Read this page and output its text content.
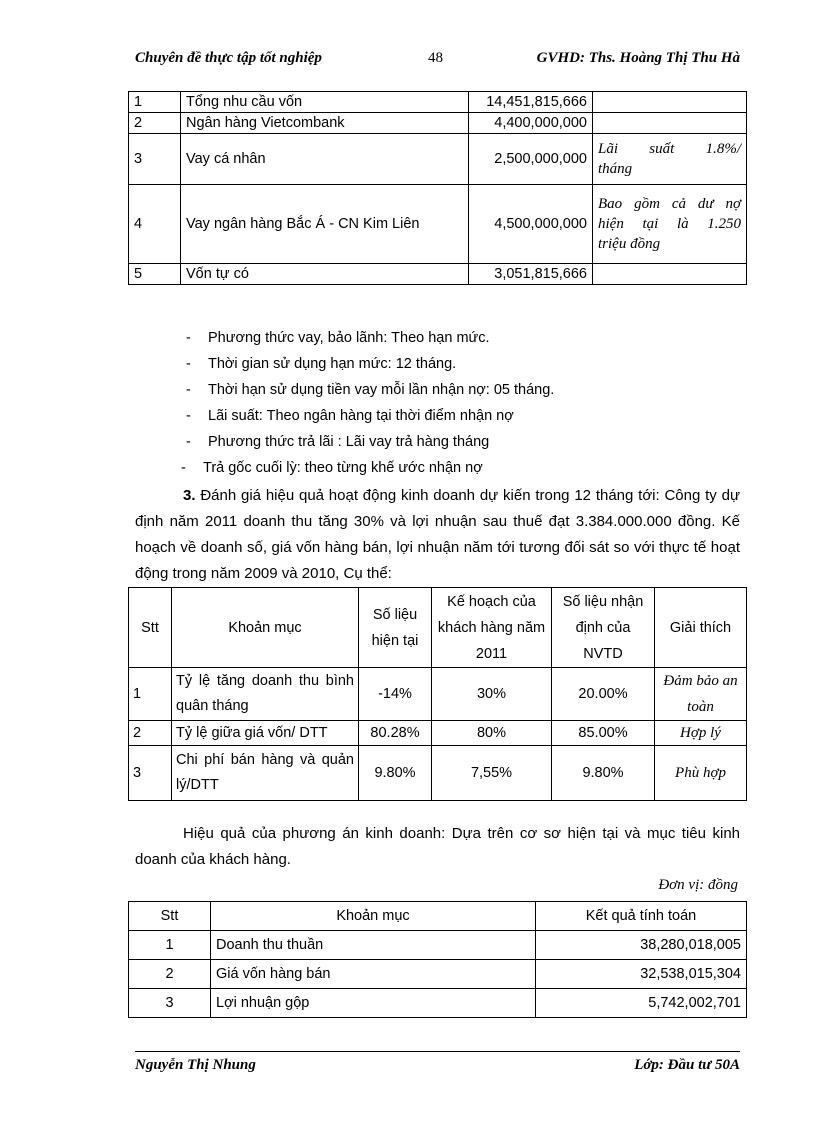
Chuyên đề thực tập tốt nghiệp	48	GVHD: Ths. Hoàng Thị Thu Hà
1	Tổng nhu cầu vốn	14,451,815,666	
2	Ngân hàng Vietcombank	4,400,000,000	
3	Vay cá nhân	2,500,000,000	Lãi suất 1.8%/
tháng

4	Vay ngân hàng Bắc Á - CN Kim Liên	4,500,000,000	Bao gồm cả dư nợ
hiện tại là 1.250
triệu đồng

5	Vốn tự có	3,051,815,666	
- Phương thức vay, bảo lãnh: Theo hạn mức.
- Thời gian sử dụng hạn mức: 12 tháng.
- Thời hạn sử dụng tiền vay mỗi lần nhận nợ: 05 tháng.
- Lãi suất: Theo ngân hàng tại thời điểm nhận nợ
- Phương thức trả lãi : Lãi vay trả hàng tháng
- Trả gốc cuối lỳ: theo từng khế ước nhận nợ
3. Đánh giá hiệu quả hoạt động kinh doanh dự kiến trong 12 tháng tới: Công ty dự định năm 2011 doanh thu tăng 30% và lợi nhuận sau thuế đạt 3.384.000.000 đồng. Kế hoạch về doanh số, giá vốn hàng bán, lợi nhuận năm tới tương đối sát so với thực tế hoạt động trong năm 2009 và 2010, Cụ thể:
Stt	Khoản mục	Số liệu hiện tại	Kế hoạch của khách hàng năm 2011	Số liệu nhận định của NVTD	Giải thích
1	Tỷ lệ tăng doanh thu bình quân tháng	-14%	30%	20.00%	Đảm bảo an toàn
2	Tỷ lệ giữa giá vốn/ DTT	80.28%	80%	85.00%	Hợp lý
3	Chi phí bán hàng và quản lý/DTT	9.80%	7,55%	9.80%	Phù hợp
Hiệu quả của phương án kinh doanh: Dựa trên cơ sơ hiện tại và mục tiêu kinh doanh của khách hàng.
Đơn vị: đồng
Stt	Khoản mục	Kết quả tính toán
1	Doanh thu thuần	38,280,018,005
2	Giá vốn hàng bán	32,538,015,304
3	Lợi nhuận gộp	5,742,002,701
Nguyễn Thị Nhung	Lớp: Đầu tư 50A
